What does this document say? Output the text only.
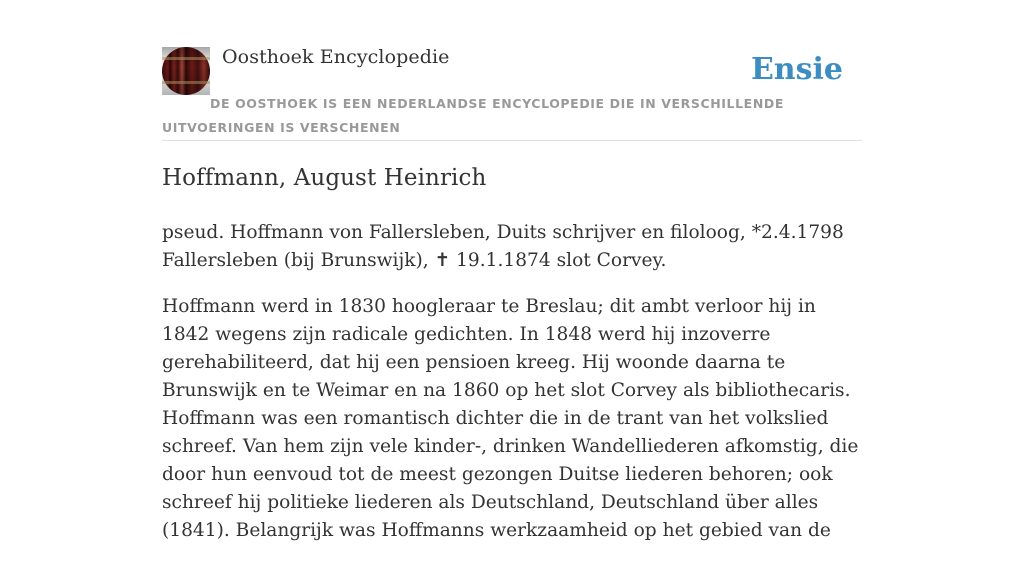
Oosthoek Encyclopedie	Ensie
DE OOSTHOEK IS EEN NEDERLANDSE ENCYCLOPEDIE DIE IN VERSCHILLENDE UITVOERINGEN IS VERSCHENEN
Hoffmann, August Heinrich

pseud. Hoffmann von Fallersleben, Duits schrijver en filoloog, *2.4.1798 Fallersleben (bij Brunswijk), ✝ 19.1.1874 slot Corvey.

Hoffmann werd in 1830 hoogleraar te Breslau; dit ambt verloor hij in 1842 wegens zijn radicale gedichten. In 1848 werd hij inzoverre gerehabiliteerd, dat hij een pensioen kreeg. Hij woonde daarna te Brunswijk en te Weimar en na 1860 op het slot Corvey als bibliothecaris. Hoffmann was een romantisch dichter die in de trant van het volkslied schreef. Van hem zijn vele kinder-, drinken Wandelliederen afkomstig, die door hun eenvoud tot de meest gezongen Duitse liederen behoren; ook schreef hij politieke liederen als Deutschland, Deutschland über alles (1841). Belangrijk was Hoffmanns werkzaamheid op het gebied van de
